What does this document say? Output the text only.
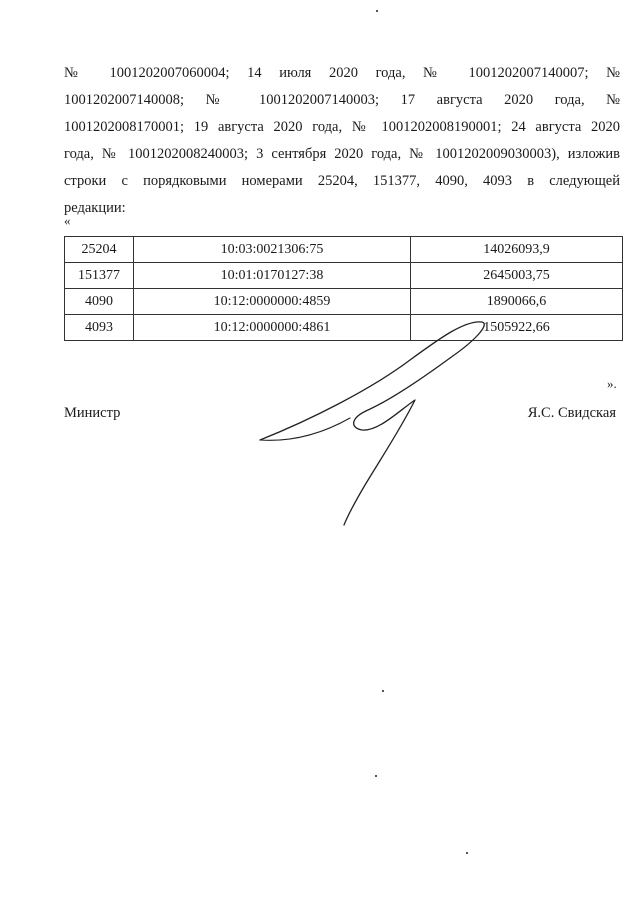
№ 1001202007060004; 14 июля 2020 года, № 1001202007140007; №
1001202007140008; № 1001202007140003; 17 августа 2020 года, №
1001202008170001; 19 августа 2020 года, № 1001202008190001; 24 августа 2020
года, № 1001202008240003; 3 сентября 2020 года, № 1001202009030003), изложив
строки с порядковыми номерами 25204, 151377, 4090, 4093 в следующей
редакции:
«
25204	10:03:0021306:75	14026093,9
151377	10:01:0170127:38	2645003,75
4090	10:12:0000000:4859	1890066,6
4093	10:12:0000000:4861	1505922,66
».
Министр	Я.С. Свидская
